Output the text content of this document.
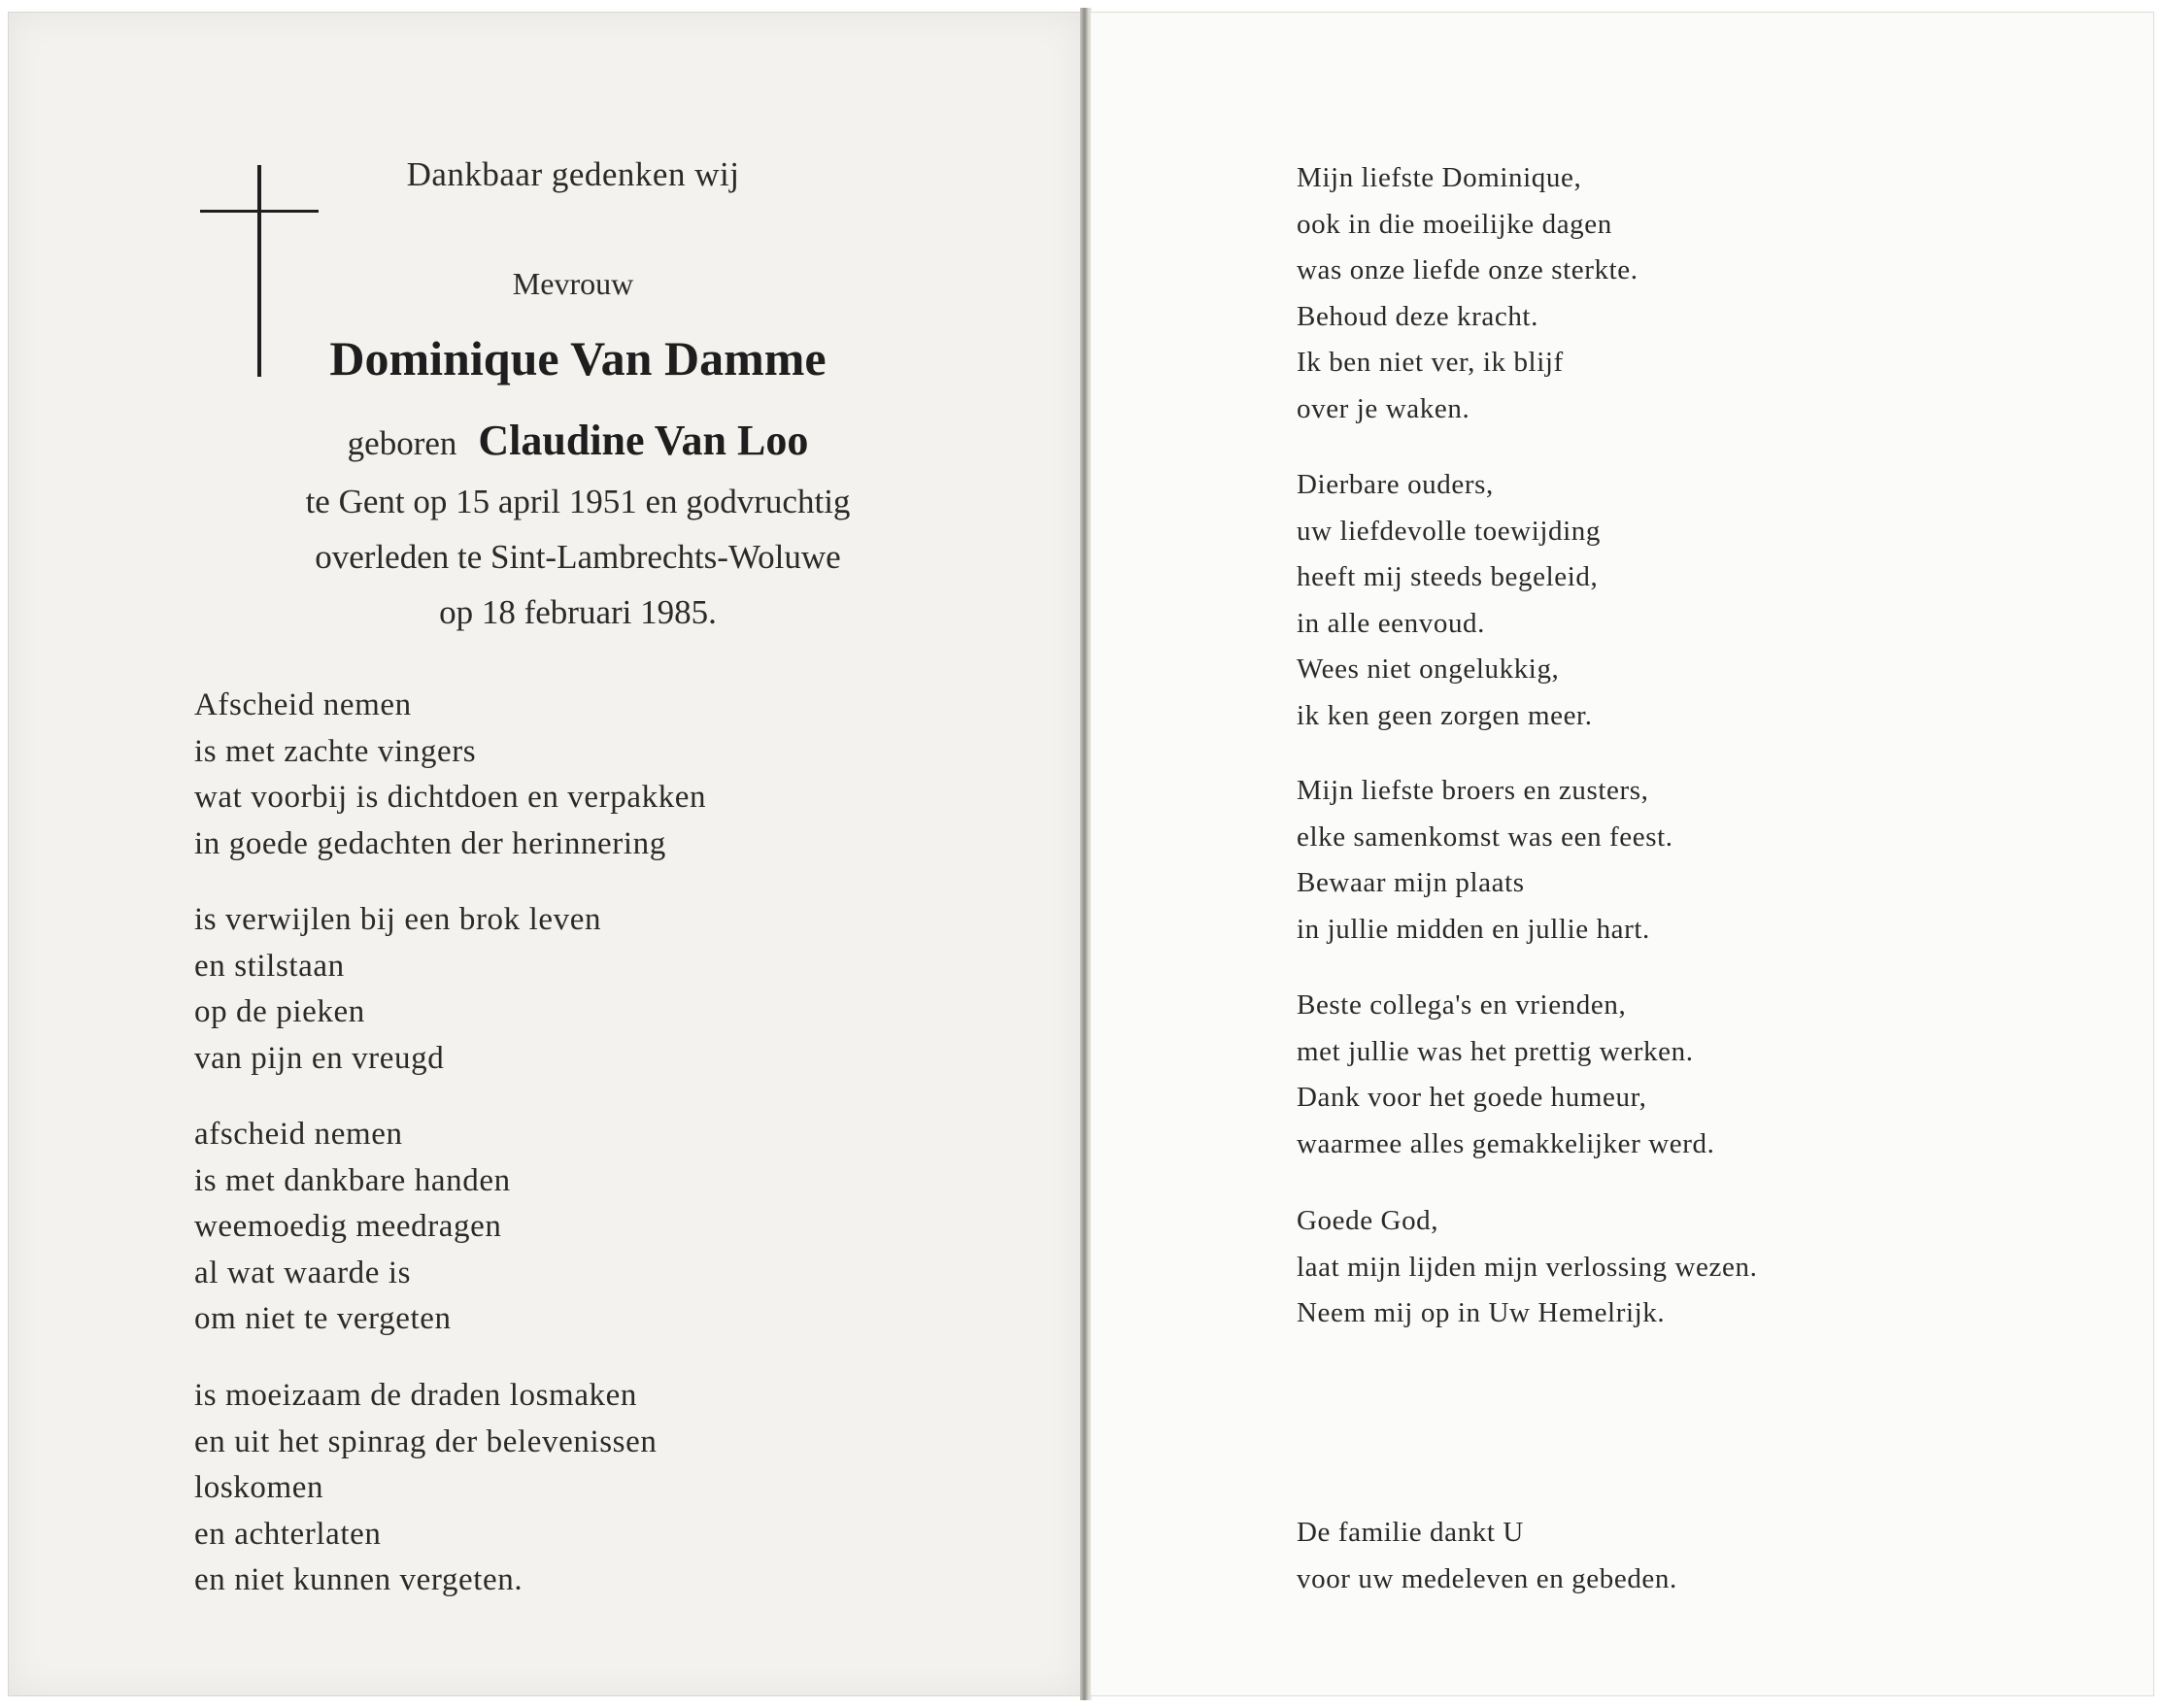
Dankbaar gedenken wij
Mevrouw
Dominique Van Damme
geboren Claudine Van Loo
te Gent op 15 april 1951 en godvruchtig
overleden te Sint-Lambrechts-Woluwe
op 18 februari 1985.
Afscheid nemen
is met zachte vingers
wat voorbij is dichtdoen en verpakken
in goede gedachten der herinnering
is verwijlen bij een brok leven
en stilstaan
op de pieken
van pijn en vreugd
afscheid nemen
is met dankbare handen
weemoedig meedragen
al wat waarde is
om niet te vergeten
is moeizaam de draden losmaken
en uit het spinrag der belevenissen
loskomen
en achterlaten
en niet kunnen vergeten.
Mijn liefste Dominique,
ook in die moeilijke dagen
was onze liefde onze sterkte.
Behoud deze kracht.
Ik ben niet ver, ik blijf
over je waken.
Dierbare ouders,
uw liefdevolle toewijding
heeft mij steeds begeleid,
in alle eenvoud.
Wees niet ongelukkig,
ik ken geen zorgen meer.
Mijn liefste broers en zusters,
elke samenkomst was een feest.
Bewaar mijn plaats
in jullie midden en jullie hart.
Beste collega's en vrienden,
met jullie was het prettig werken.
Dank voor het goede humeur,
waarmee alles gemakkelijker werd.
Goede God,
laat mijn lijden mijn verlossing wezen.
Neem mij op in Uw Hemelrijk.
De familie dankt U
voor uw medeleven en gebeden.
